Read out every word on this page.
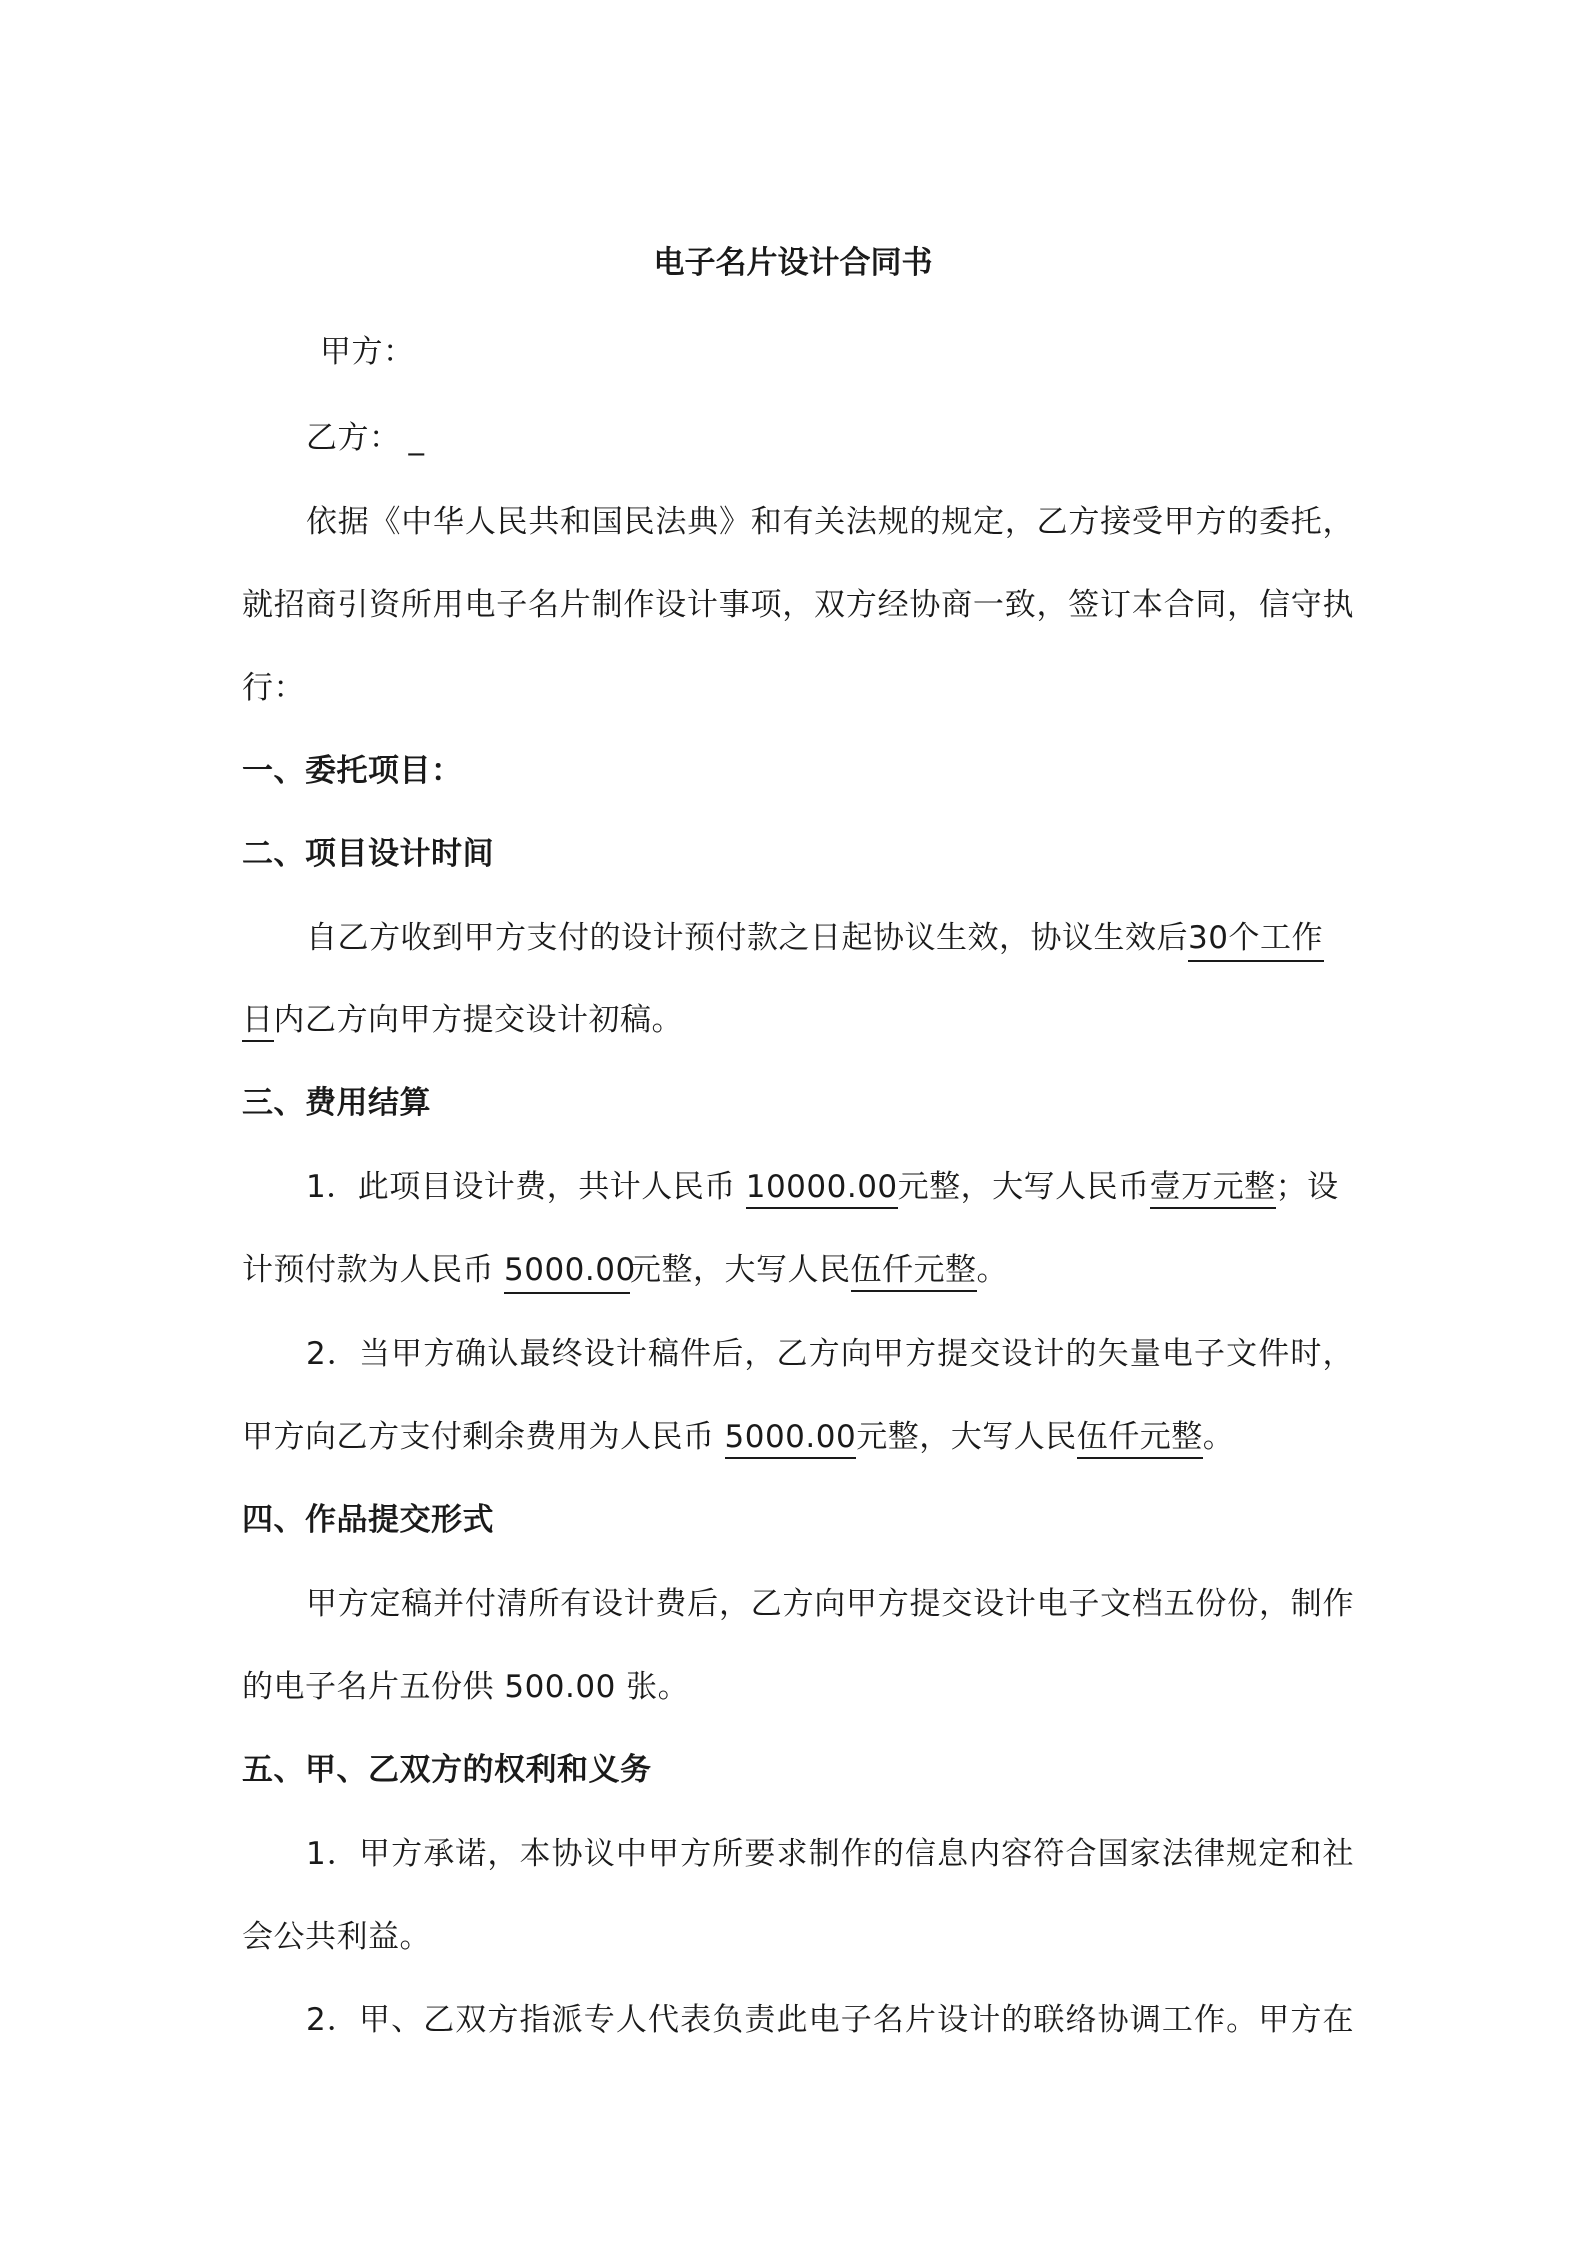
电子名片设计合同书
甲方：
乙方： _
依据《中华人民共和国民法典》和有关法规的规定，乙方接受甲方的委托，
就招商引资所用电子名片制作设计事项，双方经协商一致，签订本合同，信守执
行：
一、委托项目：
二、项目设计时间
自乙方收到甲方支付的设计预付款之日起协议生效，协议生效后30个工作
日内乙方向甲方提交设计初稿。
三、费用结算
1．此项目设计费，共计人民币 10000.00元整，大写人民币壹万元整；设
计预付款为人民币 5000.00元整，大写人民伍仟元整。
2．当甲方确认最终设计稿件后，乙方向甲方提交设计的矢量电子文件时，
甲方向乙方支付剩余费用为人民币 5000.00元整，大写人民伍仟元整。
四、作品提交形式
甲方定稿并付清所有设计费后，乙方向甲方提交设计电子文档五份份，制作
的电子名片五份供 500.00 张。
五、甲、乙双方的权利和义务
1．甲方承诺，本协议中甲方所要求制作的信息内容符合国家法律规定和社
会公共利益。
2．甲、乙双方指派专人代表负责此电子名片设计的联络协调工作。甲方在
